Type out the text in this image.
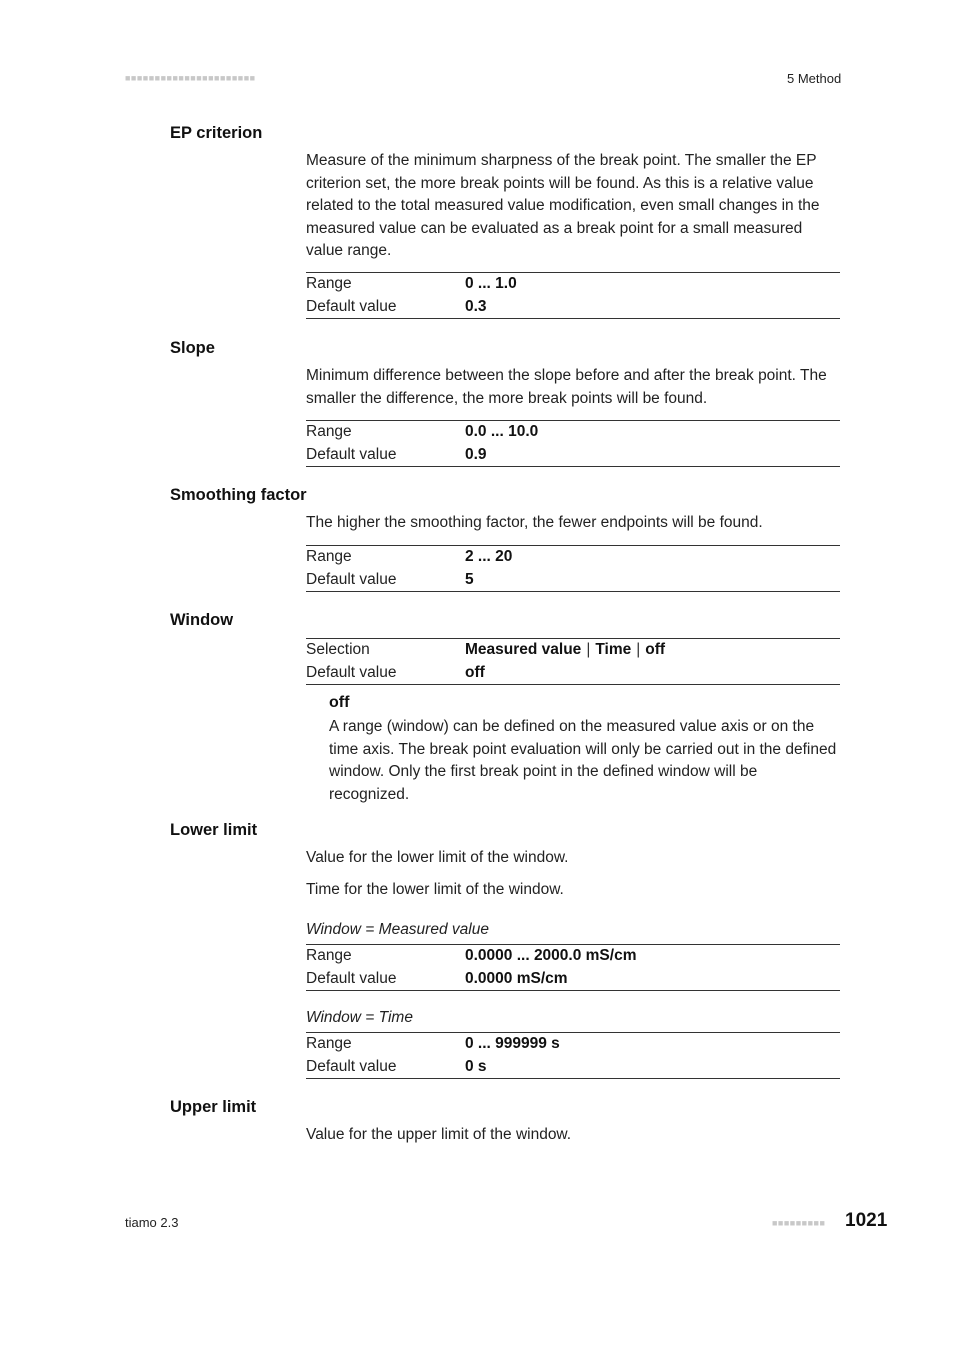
■■■■■■■■■■■■■■■■■■■■■■	5 Method
EP criterion
Measure of the minimum sharpness of the break point. The smaller the EP criterion set, the more break points will be found. As this is a relative value related to the total measured value modification, even small changes in the measured value can be evaluated as a break point for a small measured value range.
Range	0 ... 1.0
Default value	0.3
Slope
Minimum difference between the slope before and after the break point. The smaller the difference, the more break points will be found.
Range	0.0 ... 10.0
Default value	0.9
Smoothing factor
The higher the smoothing factor, the fewer endpoints will be found.
Range	2 ... 20
Default value	5
Window
Selection	Measured value | Time | off
Default value	off
off
A range (window) can be defined on the measured value axis or on the time axis. The break point evaluation will only be carried out in the defined window. Only the first break point in the defined window will be recognized.
Lower limit
Value for the lower limit of the window.
Time for the lower limit of the window.
Window = Measured value
Range	0.0000 ... 2000.0 mS/cm
Default value	0.0000 mS/cm
Window = Time
Range	0 ... 999999 s
Default value	0 s
Upper limit
Value for the upper limit of the window.
tiamo 2.3	■■■■■■■■■ 1021
